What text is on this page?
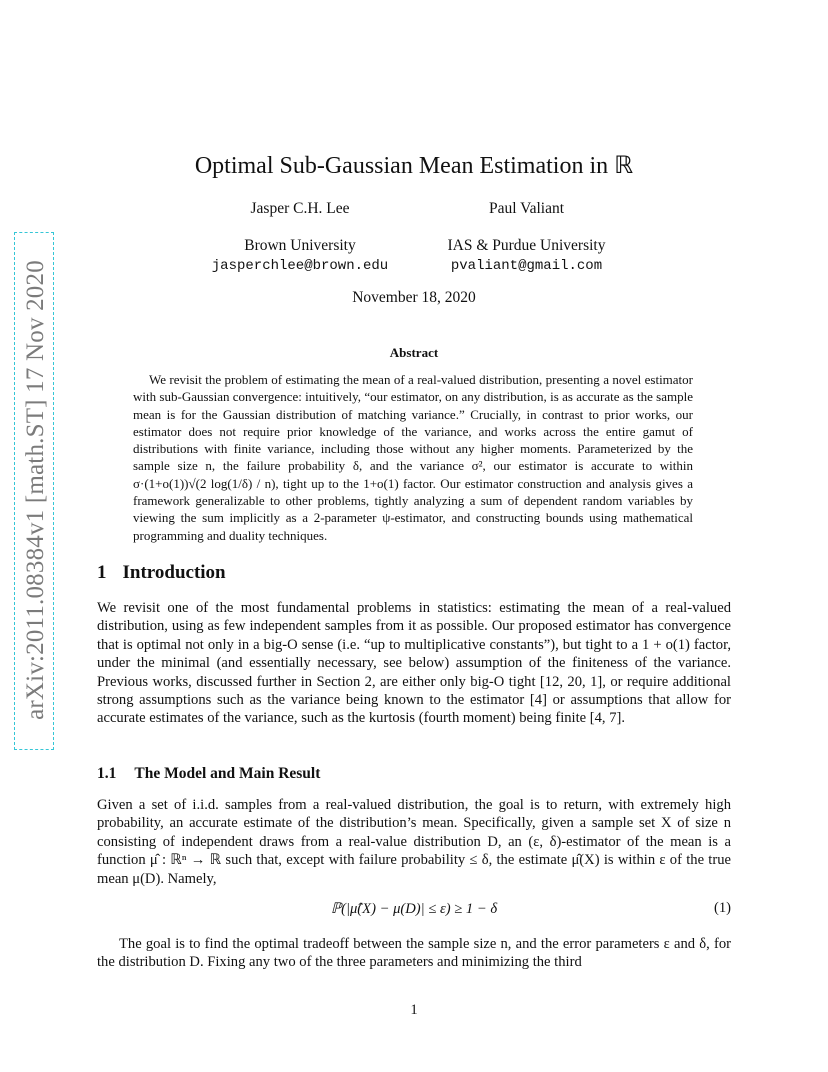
arXiv:2011.08384v1 [math.ST] 17 Nov 2020
Optimal Sub-Gaussian Mean Estimation in ℝ
Jasper C.H. Lee
Brown University
jasperchlee@brown.edu
Paul Valiant
IAS & Purdue University
pvaliant@gmail.com
November 18, 2020
Abstract
We revisit the problem of estimating the mean of a real-valued distribution, presenting a novel estimator with sub-Gaussian convergence: intuitively, “our estimator, on any distribution, is as accurate as the sample mean is for the Gaussian distribution of matching variance.” Crucially, in contrast to prior works, our estimator does not require prior knowledge of the variance, and works across the entire gamut of distributions with finite variance, including those without any higher moments. Parameterized by the sample size n, the failure probability δ, and the variance σ², our estimator is accurate to within σ·(1+o(1))√(2 log(1/δ) / n), tight up to the 1+o(1) factor. Our estimator construction and analysis gives a framework generalizable to other problems, tightly analyzing a sum of dependent random variables by viewing the sum implicitly as a 2-parameter ψ-estimator, and constructing bounds using mathematical programming and duality techniques.
1 Introduction
We revisit one of the most fundamental problems in statistics: estimating the mean of a real-valued distribution, using as few independent samples from it as possible. Our proposed estimator has convergence that is optimal not only in a big-O sense (i.e. “up to multiplicative constants”), but tight to a 1 + o(1) factor, under the minimal (and essentially necessary, see below) assumption of the finiteness of the variance. Previous works, discussed further in Section 2, are either only big-O tight [12, 20, 1], or require additional strong assumptions such as the variance being known to the estimator [4] or assumptions that allow for accurate estimates of the variance, such as the kurtosis (fourth moment) being finite [4, 7].
1.1 The Model and Main Result
Given a set of i.i.d. samples from a real-valued distribution, the goal is to return, with extremely high probability, an accurate estimate of the distribution’s mean. Specifically, given a sample set X of size n consisting of independent draws from a real-value distribution D, an (ε, δ)-estimator of the mean is a function μ̂ : ℝⁿ → ℝ such that, except with failure probability ≤ δ, the estimate μ̂(X) is within ε of the true mean μ(D). Namely,
ℙ(|μ̂(X) − μ(D)| ≤ ε) ≥ 1 − δ	(1)
The goal is to find the optimal tradeoff between the sample size n, and the error parameters ε and δ, for the distribution D. Fixing any two of the three parameters and minimizing the third
1
